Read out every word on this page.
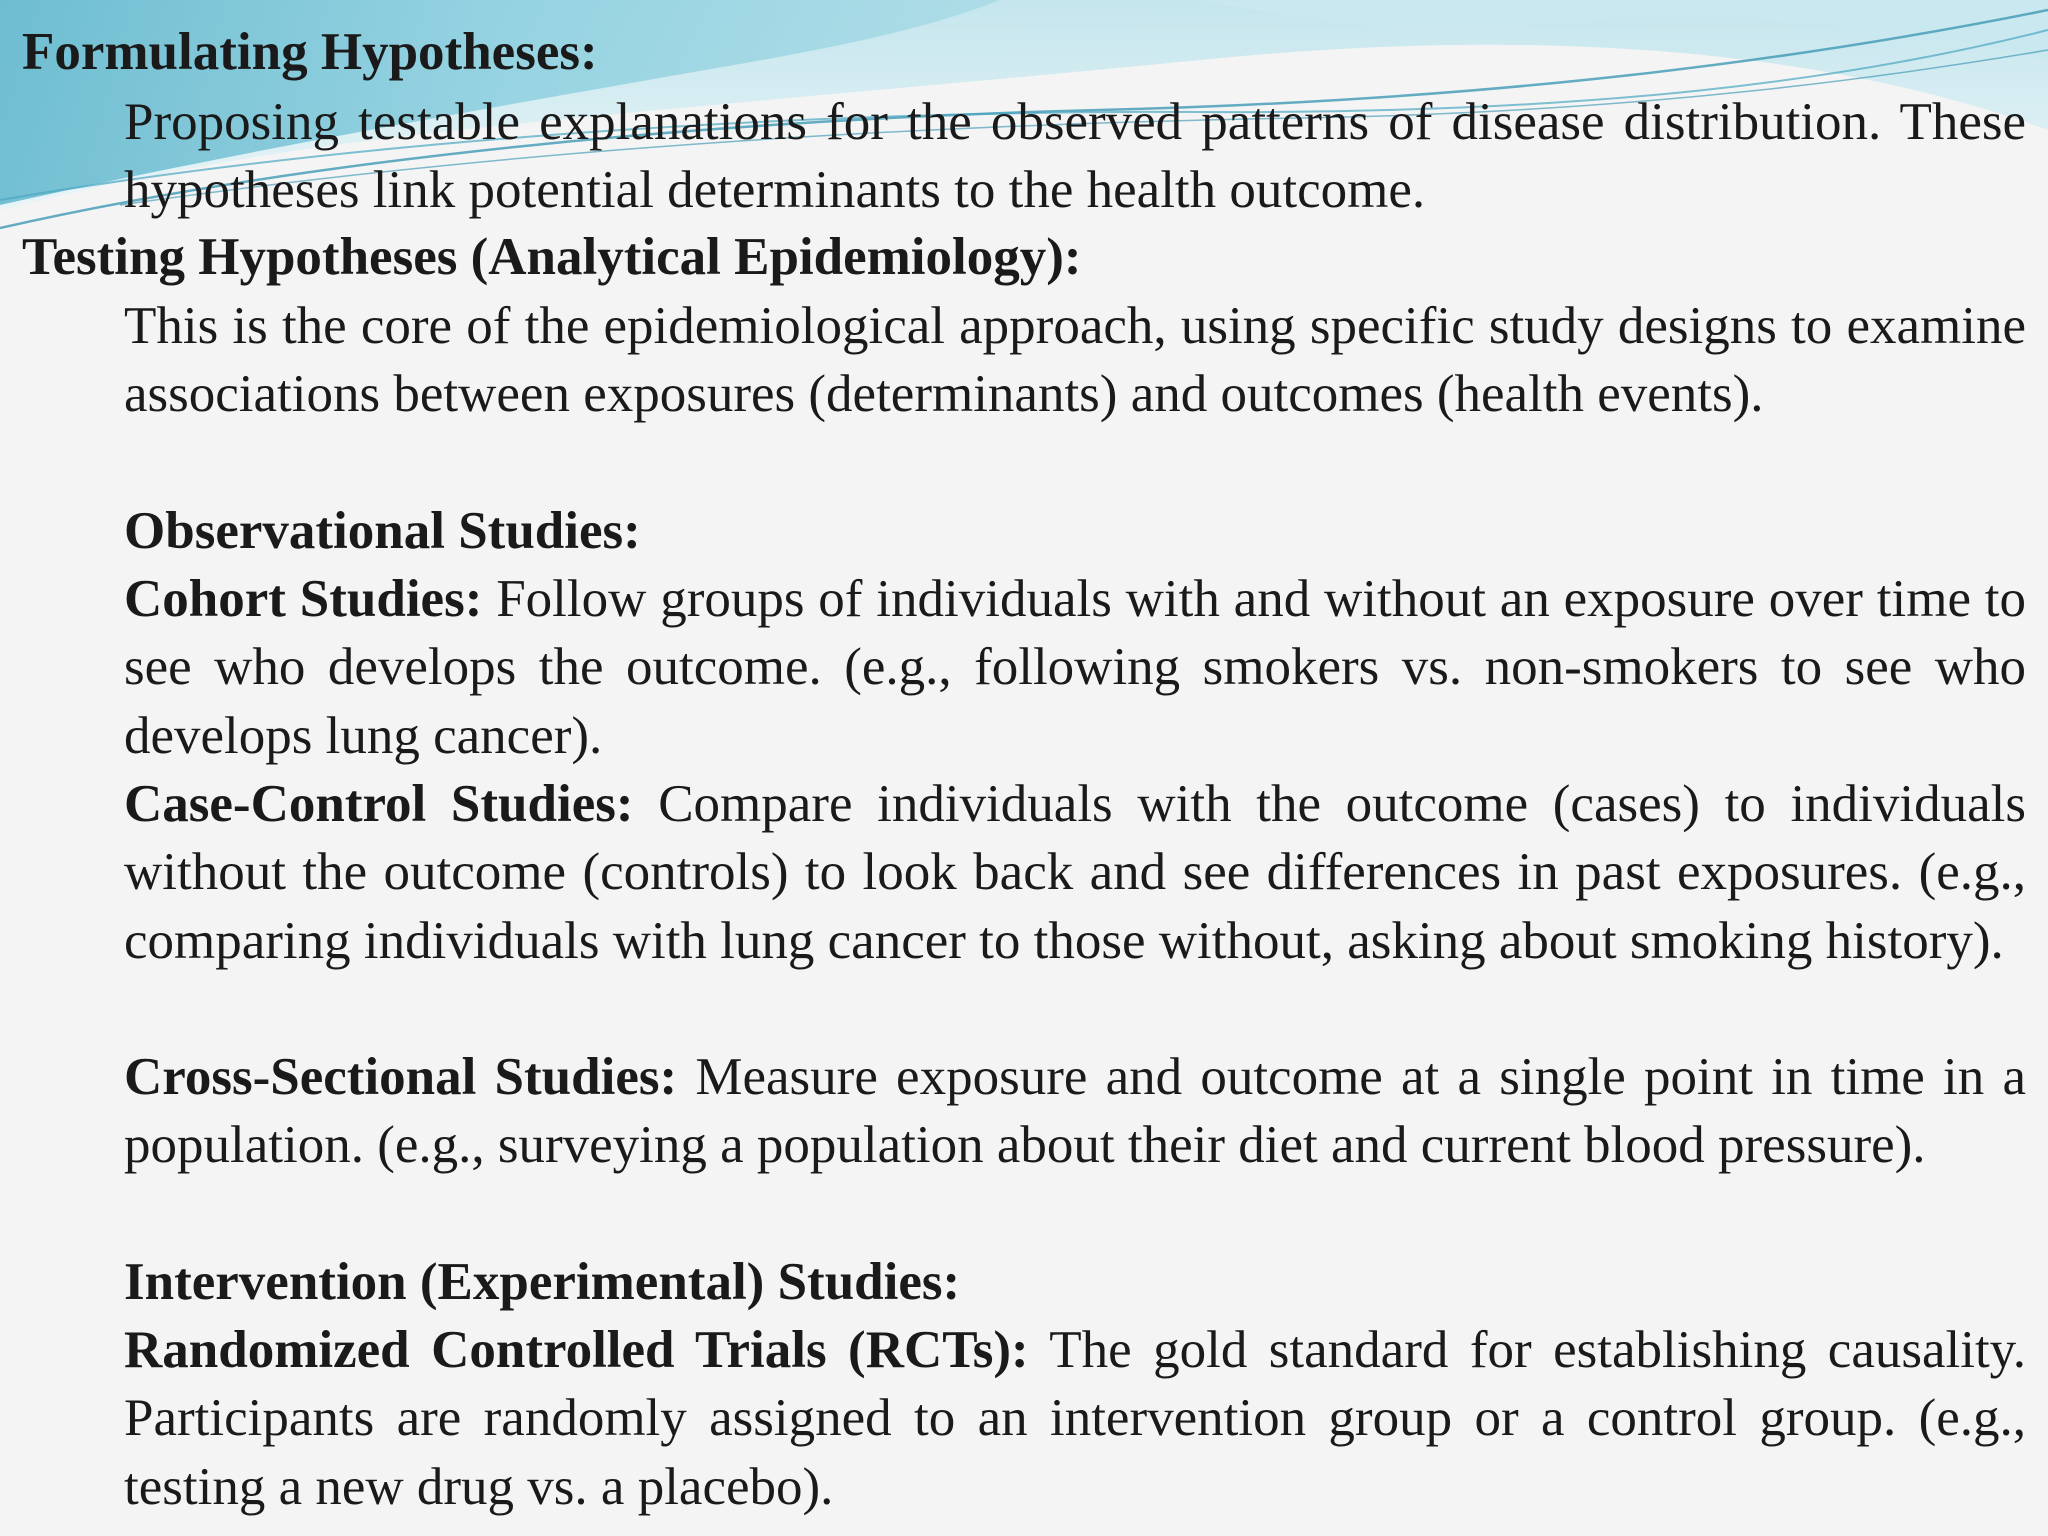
Formulating Hypotheses:

Proposing testable explanations for the observed patterns of disease distribution. These hypotheses link potential determinants to the health outcome.

Testing Hypotheses (Analytical Epidemiology):

This is the core of the epidemiological approach, using specific study designs to examine associations between exposures (determinants) and outcomes (health events).

Observational Studies:

Cohort Studies: Follow groups of individuals with and without an exposure over time to see who develops the outcome. (e.g., following smokers vs. non-smokers to see who develops lung cancer).

Case-Control Studies: Compare individuals with the outcome (cases) to individuals without the outcome (controls) to look back and see differences in past exposures. (e.g., comparing individuals with lung cancer to those without, asking about smoking history).

Cross-Sectional Studies: Measure exposure and outcome at a single point in time in a population. (e.g., surveying a population about their diet and current blood pressure).

Intervention (Experimental) Studies:

Randomized Controlled Trials (RCTs): The gold standard for establishing causality. Participants are randomly assigned to an intervention group or a control group. (e.g., testing a new drug vs. a placebo).
